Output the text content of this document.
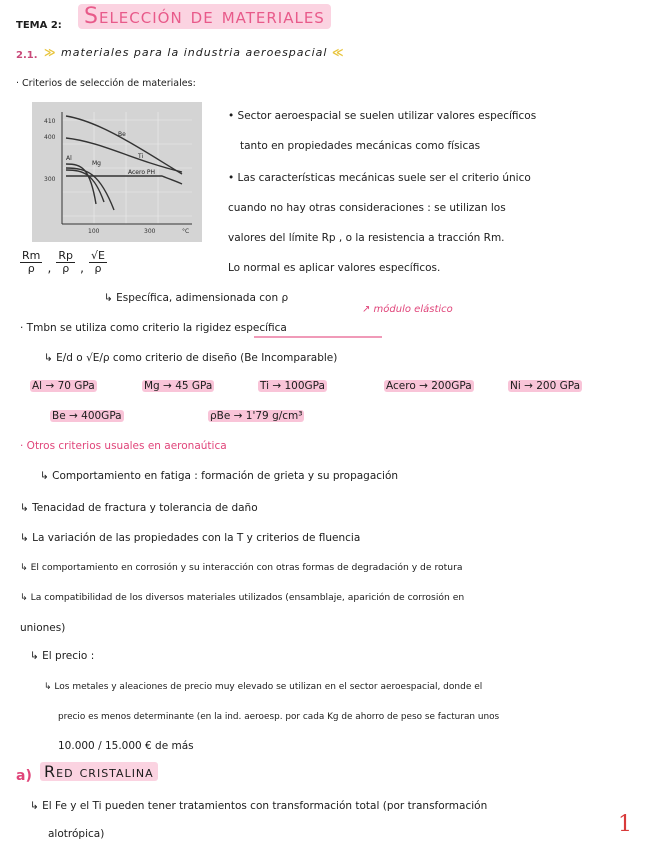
TEMA 2: Selección de materiales
2.1. ≫ materiales para la industria aeroespacial ≪
· Criterios de selección de materiales:
410
400
300
100	300	°C
Be
Ti
Mg
Al
Acero PH
• Sector aeroespacial se suelen utilizar valores específicos
tanto en propiedades mecánicas como físicas
• Las características mecánicas suele ser el criterio único
cuando no hay otras consideraciones : se utilizan los
valores del límite Rp , o la resistencia a tracción Rm.
Lo normal es aplicar valores específicos.
$\frac{Rm}{\rho}$ , $\frac{Rp}{\rho}$ , $\frac{√E}{\rho}$
↳ Específica, adimensionada con ρ
↗ módulo elástico
· Tmbn se utiliza como criterio la rigidez específica
↳ E/d o √E/ρ como criterio de diseño (Be Incomparable)
Al → 70 GPa	Mg → 45 GPa	Ti → 100GPa	Acero → 200GPa	Ni → 200 GPa
Be → 400GPa	ρBe → 1'79 g/cm³
· Otros criterios usuales en aeronaútica
↳ Comportamiento en fatiga : formación de grieta y su propagación
↳ Tenacidad de fractura y tolerancia de daño
↳ La variación de las propiedades con la T y criterios de fluencia
↳ El comportamiento en corrosión y su interacción con otras formas de degradación y de rotura
↳ La compatibilidad de los diversos materiales utilizados (ensamblaje, aparición de corrosión en
uniones)
↳ El precio :
↳ Los metales y aleaciones de precio muy elevado se utilizan en el sector aeroespacial, donde el
precio es menos determinante (en la ind. aeroesp. por cada Kg de ahorro de peso se facturan unos
10.000 / 15.000 € de más
a) Red cristalina
↳ El Fe y el Ti pueden tener tratamientos con transformación total (por transformación
alotrópica)	1
